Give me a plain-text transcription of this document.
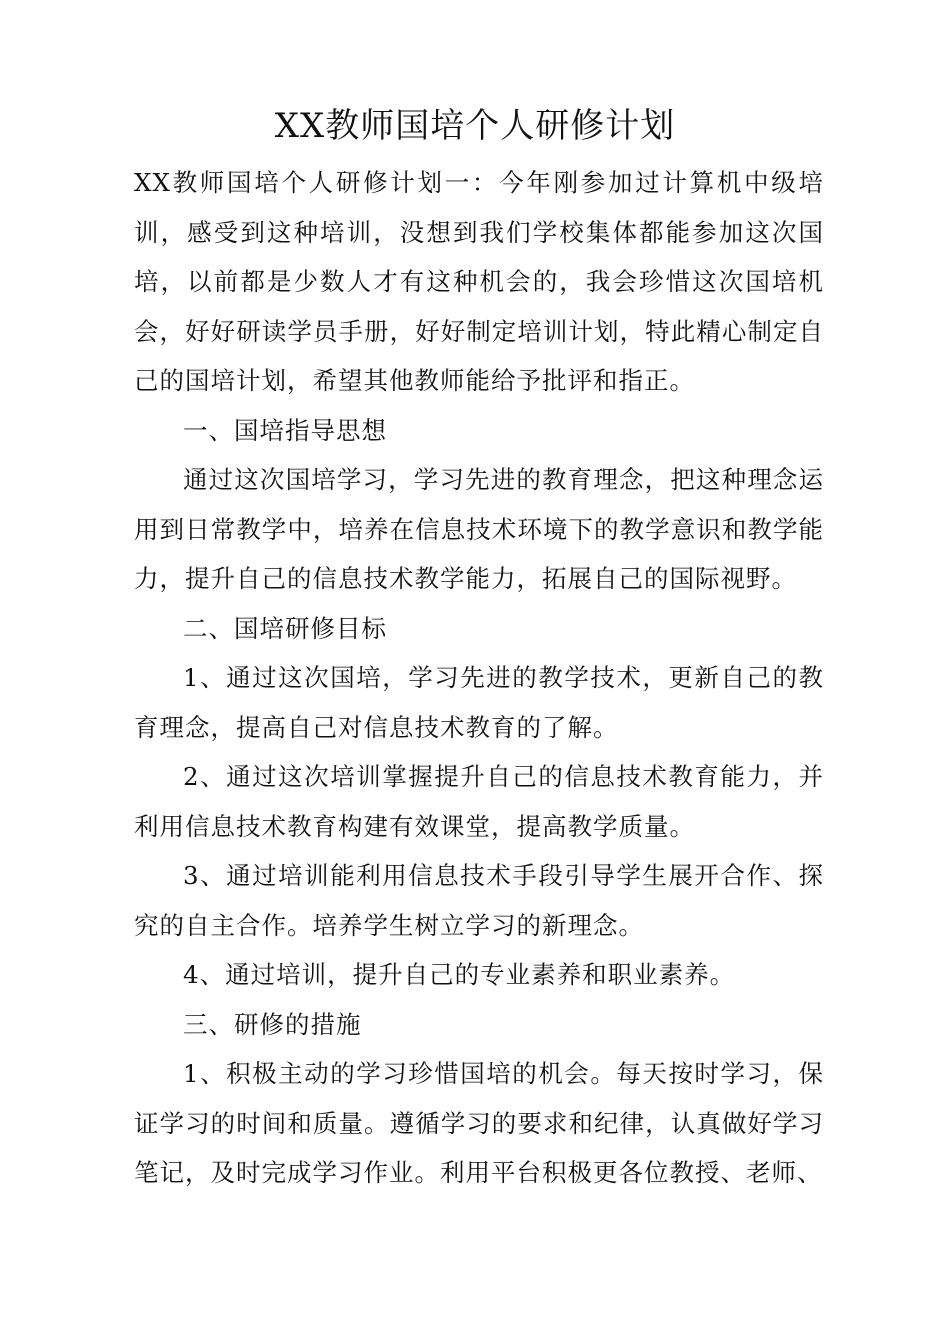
XX教师国培个人研修计划

XX教师国培个人研修计划一：今年刚参加过计算机中级培训，感受到这种培训，没想到我们学校集体都能参加这次国培，以前都是少数人才有这种机会的，我会珍惜这次国培机会，好好研读学员手册，好好制定培训计划，特此精心制定自己的国培计划，希望其他教师能给予批评和指正。

一、国培指导思想

通过这次国培学习，学习先进的教育理念，把这种理念运用到日常教学中，培养在信息技术环境下的教学意识和教学能力，提升自己的信息技术教学能力，拓展自己的国际视野。

二、国培研修目标

1、通过这次国培，学习先进的教学技术，更新自己的教育理念，提高自己对信息技术教育的了解。

2、通过这次培训掌握提升自己的信息技术教育能力，并利用信息技术教育构建有效课堂，提高教学质量。

3、通过培训能利用信息技术手段引导学生展开合作、探究的自主合作。培养学生树立学习的新理念。

4、通过培训，提升自己的专业素养和职业素养。

三、研修的措施

1、积极主动的学习珍惜国培的机会。每天按时学习，保证学习的时间和质量。遵循学习的要求和纪律，认真做好学习笔记，及时完成学习作业。利用平台积极更各位教授、老师、
